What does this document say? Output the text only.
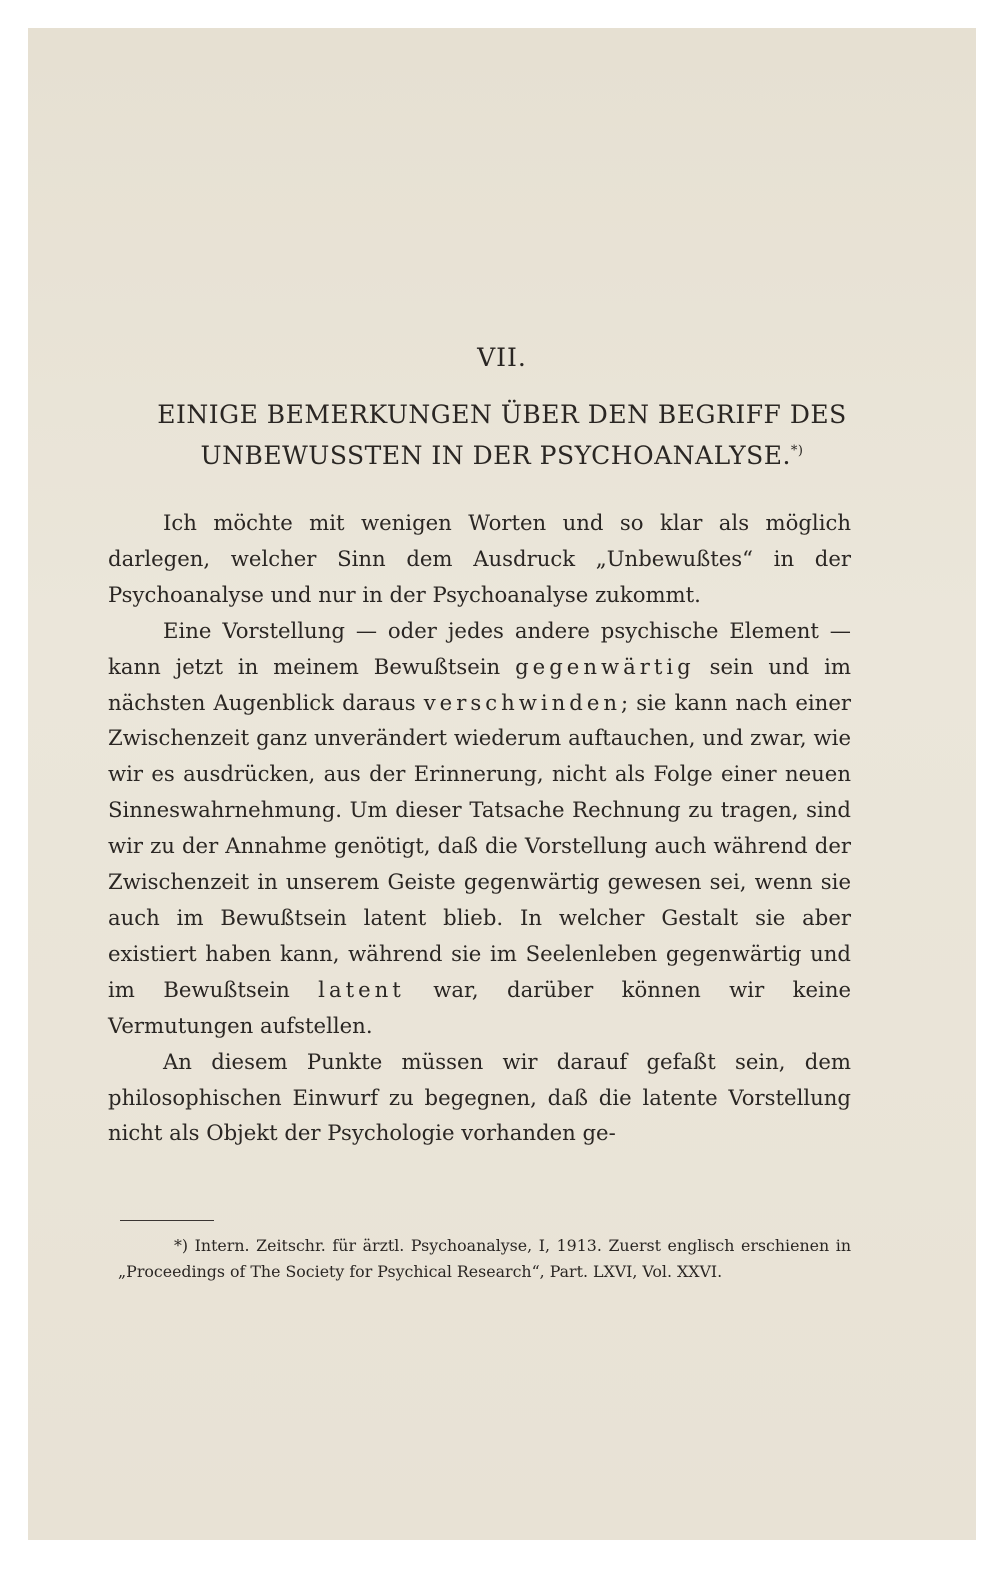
VII.
EINIGE BEMERKUNGEN ÜBER DEN BEGRIFF DES
UNBEWUSSTEN IN DER PSYCHOANALYSE.*)

Ich möchte mit wenigen Worten und so klar als möglich darlegen, welcher Sinn dem Ausdruck „Unbewußtes“ in der Psychoanalyse und nur in der Psychoanalyse zukommt.

Eine Vorstellung — oder jedes andere psychische Element — kann jetzt in meinem Bewußtsein gegenwärtig sein und im nächsten Augenblick daraus verschwinden; sie kann nach einer Zwischenzeit ganz unverändert wiederum auftauchen, und zwar, wie wir es ausdrücken, aus der Erinnerung, nicht als Folge einer neuen Sinneswahrnehmung. Um dieser Tatsache Rechnung zu tragen, sind wir zu der Annahme genötigt, daß die Vorstellung auch während der Zwischenzeit in unserem Geiste gegenwärtig gewesen sei, wenn sie auch im Bewußtsein latent blieb. In welcher Gestalt sie aber existiert haben kann, während sie im Seelenleben gegenwärtig und im Bewußtsein latent war, darüber können wir keine Vermutungen aufstellen.

An diesem Punkte müssen wir darauf gefaßt sein, dem philosophischen Einwurf zu begegnen, daß die latente Vorstellung nicht als Objekt der Psychologie vorhanden ge-

*) Intern. Zeitschr. für ärztl. Psychoanalyse, I, 1913. Zuerst englisch erschienen in „Proceedings of The Society for Psychical Research“, Part. LXVI, Vol. XXVI.
